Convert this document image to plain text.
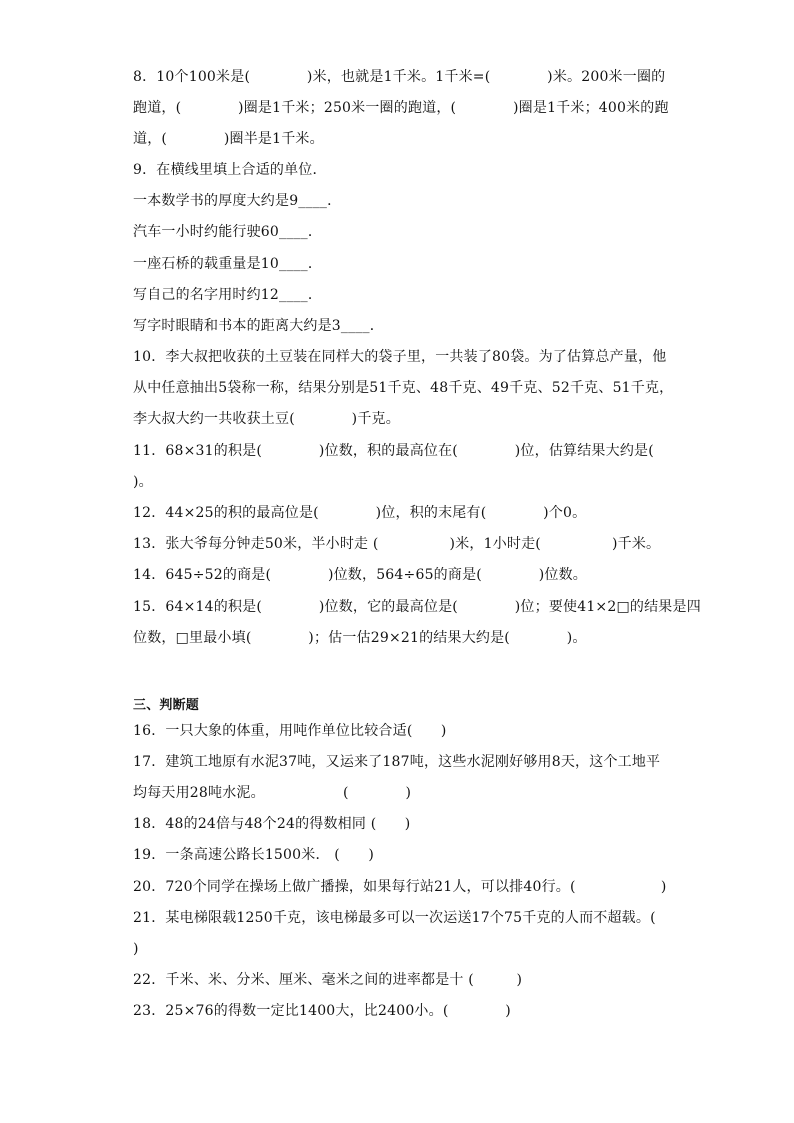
8．10个100米是(　　　　)米，也就是1千米。1千米=(　　　　)米。200米一圈的
跑道，(　　　　)圈是1千米；250米一圈的跑道，(　　　　)圈是1千米；400米的跑
道，(　　　　)圈半是1千米。
9．在横线里填上合适的单位．
一本数学书的厚度大约是9____．
汽车一小时约能行驶60____．
一座石桥的载重量是10____．
写自己的名字用时约12____．
写字时眼睛和书本的距离大约是3____．
10．李大叔把收获的土豆装在同样大的袋子里，一共装了80袋。为了估算总产量，他
从中任意抽出5袋称一称，结果分别是51千克、48千克、49千克、52千克、51千克，
李大叔大约一共收获土豆(　　　　)千克。
11．68×31的积是(　　　　)位数，积的最高位在(　　　　)位，估算结果大约是(
)。
12．44×25的积的最高位是(　　　　)位，积的末尾有(　　　　)个0。
13．张大爷每分钟走50米，半小时走 (　　　　　)米，1小时走(　　　　　)千米。
14．645÷52的商是(　　　　)位数，564÷65的商是(　　　　)位数。
15．64×14的积是(　　　　)位数，它的最高位是(　　　　)位；要使41×2□的结果是四
位数，□里最小填(　　　　)；估一估29×21的结果大约是(　　　　)。
三、判断题
16．一只大象的体重，用吨作单位比较合适(　　)
17．建筑工地原有水泥37吨，又运来了187吨，这些水泥刚好够用8天，这个工地平
均每天用28吨水泥。　　　　　　(　　　　)
18．48的24倍与48个24的得数相同 (　　)
19．一条高速公路长1500米． (　　)
20．720个同学在操场上做广播操，如果每行站21人，可以排40行。(　　　　　　)
21．某电梯限载1250千克，该电梯最多可以一次运送17个75千克的人而不超载。(
)
22．千米、米、分米、厘米、毫米之间的进率都是十 (　　　)
23．25×76的得数一定比1400大，比2400小。(　　　　)
